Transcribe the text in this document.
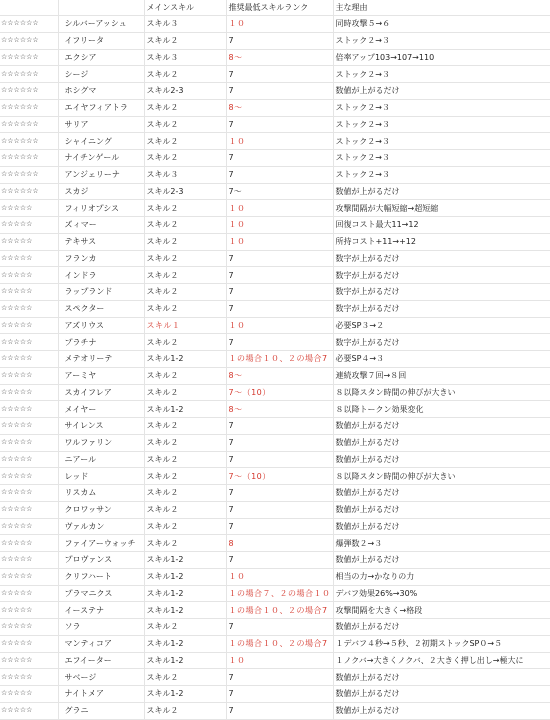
		メインスキル	推奨最低スキルランク	主な理由
☆☆☆☆☆☆	シルバーアッシュ	スキル３	１０	同時攻撃５→６
☆☆☆☆☆☆	イフリータ	スキル２	7	ストック２→３
☆☆☆☆☆☆	エクシア	スキル３	8〜	倍率アップ103→107→110
☆☆☆☆☆☆	シージ	スキル２	7	ストック２→３
☆☆☆☆☆☆	ホシグマ	スキル2-3	7	数値が上がるだけ
☆☆☆☆☆☆	エイヤフィアトラ	スキル２	8〜	ストック２→３
☆☆☆☆☆☆	サリア	スキル２	7	ストック２→３
☆☆☆☆☆☆	シャイニング	スキル２	１０	ストック２→３
☆☆☆☆☆☆	ナイチンゲール	スキル２	7	ストック２→３
☆☆☆☆☆☆	アンジェリーナ	スキル３	7	ストック２→３
☆☆☆☆☆☆	スカジ	スキル2-3	7〜	数値が上がるだけ
☆☆☆☆☆	フィリオプシス	スキル２	１０	攻撃間隔が大幅短縮→超短縮
☆☆☆☆☆	ズィマー	スキル２	１０	回復コスト最大11→12
☆☆☆☆☆	テキサス	スキル２	１０	所持コスト+11→+12
☆☆☆☆☆	フランカ	スキル２	7	数字が上がるだけ
☆☆☆☆☆	インドラ	スキル２	7	数字が上がるだけ
☆☆☆☆☆	ラップランド	スキル２	7	数字が上がるだけ
☆☆☆☆☆	スペクター	スキル２	7	数字が上がるだけ
☆☆☆☆☆	アズリウス	スキル１	１０	必要SP３→２
☆☆☆☆☆	プラチナ	スキル２	7	数字が上がるだけ
☆☆☆☆☆	メテオリーテ	スキル1-2	１の場合１０、２の場合7	必要SP４→３
☆☆☆☆☆	アーミヤ	スキル２	8〜	連続攻撃７回→８回
☆☆☆☆☆	スカイフレア	スキル２	7〜（10）	８以降スタン時間の伸びが大きい
☆☆☆☆☆	メイヤー	スキル1-2	8〜	８以降トークン効果変化
☆☆☆☆☆	サイレンス	スキル２	7	数値が上がるだけ
☆☆☆☆☆	ワルファリン	スキル２	7	数値が上がるだけ
☆☆☆☆☆	ニアール	スキル２	7	数値が上がるだけ
☆☆☆☆☆	レッド	スキル２	7〜（10）	８以降スタン時間の伸びが大きい
☆☆☆☆☆	リスカム	スキル２	7	数値が上がるだけ
☆☆☆☆☆	クロワッサン	スキル２	7	数値が上がるだけ
☆☆☆☆☆	ヴァルカン	スキル２	7	数値が上がるだけ
☆☆☆☆☆	ファイアーウォッチ	スキル２	8	爆弾数２→３
☆☆☆☆☆	プロヴァンス	スキル1-2	7	数値が上がるだけ
☆☆☆☆☆	クリフハート	スキル1-2	１０	相当の力→かなりの力
☆☆☆☆☆	プラマニクス	スキル1-2	１の場合７、２の場合１０	デバフ効果26%→30%
☆☆☆☆☆	イーステナ	スキル1-2	１の場合１０、２の場合7	攻撃間隔を大きく→格段
☆☆☆☆☆	ソラ	スキル２	7	数値が上がるだけ
☆☆☆☆☆	マンティコア	スキル1-2	１の場合１０、２の場合7	１デバフ４秒→５秒、２初期ストックSP０→５
☆☆☆☆☆	エフイーター	スキル1-2	１０	１ノクバ→大きくノクバ、２大きく押し出し→極大に
☆☆☆☆☆	サベージ	スキル２	7	数値が上がるだけ
☆☆☆☆☆	ナイトメア	スキル1-2	7	数値が上がるだけ
☆☆☆☆☆	グラニ	スキル２	7	数値が上がるだけ
